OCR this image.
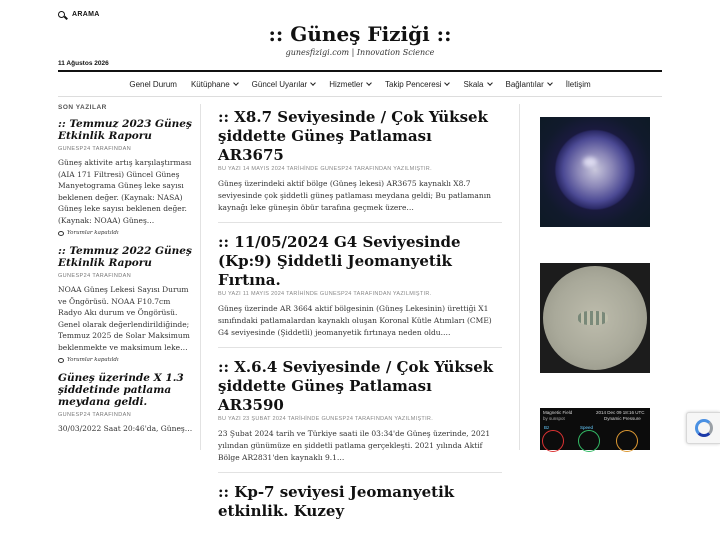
ARAMA
:: Güneş Fiziği ::
gunesfizigi.com | Innovation Science
11 Ağustos 2026
Genel Durum Kütüphane	Güncel Uyarılar	Hizmetler	Takip Penceresi	Skala	Bağlantılar	İletişim
SON YAZILAR
:: Temmuz 2023 Güneş Etkinlik Raporu
GUNESP24 TARAFINDAN
Güneş aktivite artış karşılaştırması (AIA 171 Filtresi) Güncel Güneş Manyetograma Güneş leke sayısı beklenen değer. (Kaynak: NASA) Güneş leke sayısı beklenen değer. (Kaynak: NOAA) Güneş…
Yorumlar kapatıldı
:: Temmuz 2022 Güneş Etkinlik Raporu
GUNESP24 TARAFINDAN
NOAA Güneş Lekesi Sayısı Durum ve Öngörüsü. NOAA F10.7cm Radyo Akı durum ve Öngörüsü. Genel olarak değerlendirildiğinde; Temmuz 2025 de Solar Maksimum beklenmekte ve maksimum leke…
Yorumlar kapatıldı
Güneş üzerinde X 1.3 şiddetinde patlama meydana geldi.
GUNESP24 TARAFINDAN
30/03/2022 Saat 20:46'da, Güneş…
:: X8.7 Seviyesinde / Çok Yüksek şiddette Güneş Patlaması AR3675
BU YAZI 14 MAYIS 2024 TARİHİNDE GUNESP24 TARAFINDAN YAZILMIŞTIR.

Güneş üzerindeki aktif bölge (Güneş lekesi) AR3675 kaynaklı X8.7 seviyesinde çok şiddetli güneş patlaması meydana geldi; Bu patlamanın kaynağı leke güneşin öbür tarafına geçmek üzere…

:: 11/05/2024 G4 Seviyesinde (Kp:9) Şiddetli Jeomanyetik Fırtına.
BU YAZI 11 MAYIS 2024 TARİHİNDE GUNESP24 TARAFINDAN YAZILMIŞTIR.

Güneş üzerinde AR 3664 aktif bölgesinin (Güneş Lekesinin) ürettiği X1 sınıfındaki patlamalardan kaynaklı oluşan Koronal Kütle Atımları (CME) G4 seviyesinde (Şiddetli) jeomanyetik fırtınaya neden oldu.…

:: X.6.4 Seviyesinde / Çok Yüksek şiddette Güneş Patlaması AR3590
BU YAZI 23 ŞUBAT 2024 TARİHİNDE GUNESP24 TARAFINDAN YAZILMIŞTIR.

23 Şubat 2024 tarih ve Türkiye saati ile 03:34'de Güneş üzerinde, 2021 yılından günümüze en şiddetli patlama gerçekleşti. 2021 yılında Aktif Bölge AR2831'den kaynaklı 9.1…

:: Kp-7 seviyesi Jeomanyetik etkinlik. Kuzey
Magnetic Field
by sunspot
2014 Dec 09 18:16 UTC
Dynamic Pressure
Bz	Speed
